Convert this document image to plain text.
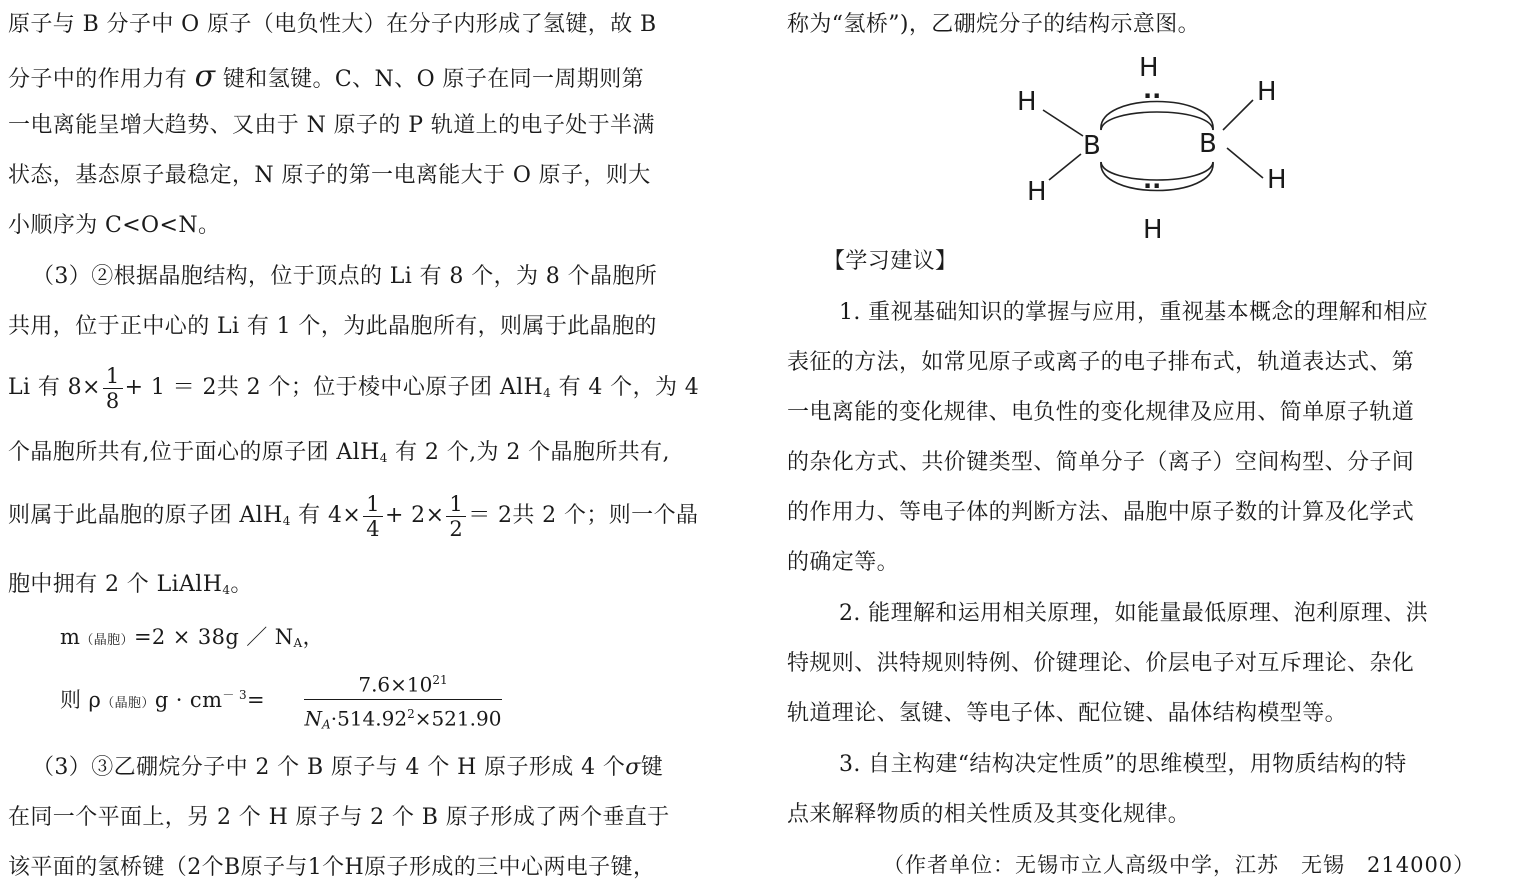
原子与 B 分子中 O 原子（电负性大）在分子内形成了氢键，故 B
分子中的作用力有 σ 键和氢键。C、N、O 原子在同一周期则第
一电离能呈增大趋势、又由于 N 原子的 P 轨道上的电子处于半满
状态，基态原子最稳定，N 原子的第一电离能大于 O 原子，则大
小顺序为 C<O<N。
（3）②根据晶胞结构，位于顶点的 Li 有 8 个，为 8 个晶胞所
共用，位于正中心的 Li 有 1 个，为此晶胞所有，则属于此晶胞的
Li 有 $8\times \frac{1}{8} + 1 = 2$共 2 个；位于棱中心原子团 AlH$_4$ 有 4 个，为 4
个晶胞所共有,位于面心的原子团 AlH$_4$ 有 2 个,为 2 个晶胞所共有,
则属于此晶胞的原子团 AlH$_4$ 有 $4\times \frac{1}{4} + 2\times \frac{1}{2} = 2$共 2 个；则一个晶
胞中拥有 2 个 LiAlH$_4$。
m（晶胞）=2 × 38g ／ $N_A$，
则 ρ（晶胞）$g \cdot cm^{- 3}= \frac{7.6\times 10^{21}}{N_A\cdot 514.92^2\times 521.90}$
（3）③乙硼烷分子中 2 个 B 原子与 4 个 H 原子形成 4 个σ键
在同一个平面上，另 2 个 H 原子与 2 个 B 原子形成了两个垂直于
该平面的氢桥键（2个B原子与1个H原子形成的三中心两电子键，
称为“氢桥”)，乙硼烷分子的结构示意图。
【学习建议】
1. 重视基础知识的掌握与应用，重视基本概念的理解和相应
表征的方法，如常见原子或离子的电子排布式，轨道表达式、第
一电离能的变化规律、电负性的变化规律及应用、简单原子轨道
的杂化方式、共价键类型、简单分子（离子）空间构型、分子间
的作用力、等电子体的判断方法、晶胞中原子数的计算及化学式
的确定等。
2. 能理解和运用相关原理，如能量最低原理、泡利原理、洪
特规则、洪特规则特例、价键理论、价层电子对互斥理论、杂化
轨道理论、氢键、等电子体、配位键、晶体结构模型等。
3. 自主构建“结构决定性质”的思维模型，用物质结构的特
点来解释物质的相关性质及其变化规律。
（作者单位：无锡市立人高级中学，江苏　无锡　214000）
H
H	H
B	B
H	H
H
··
··
